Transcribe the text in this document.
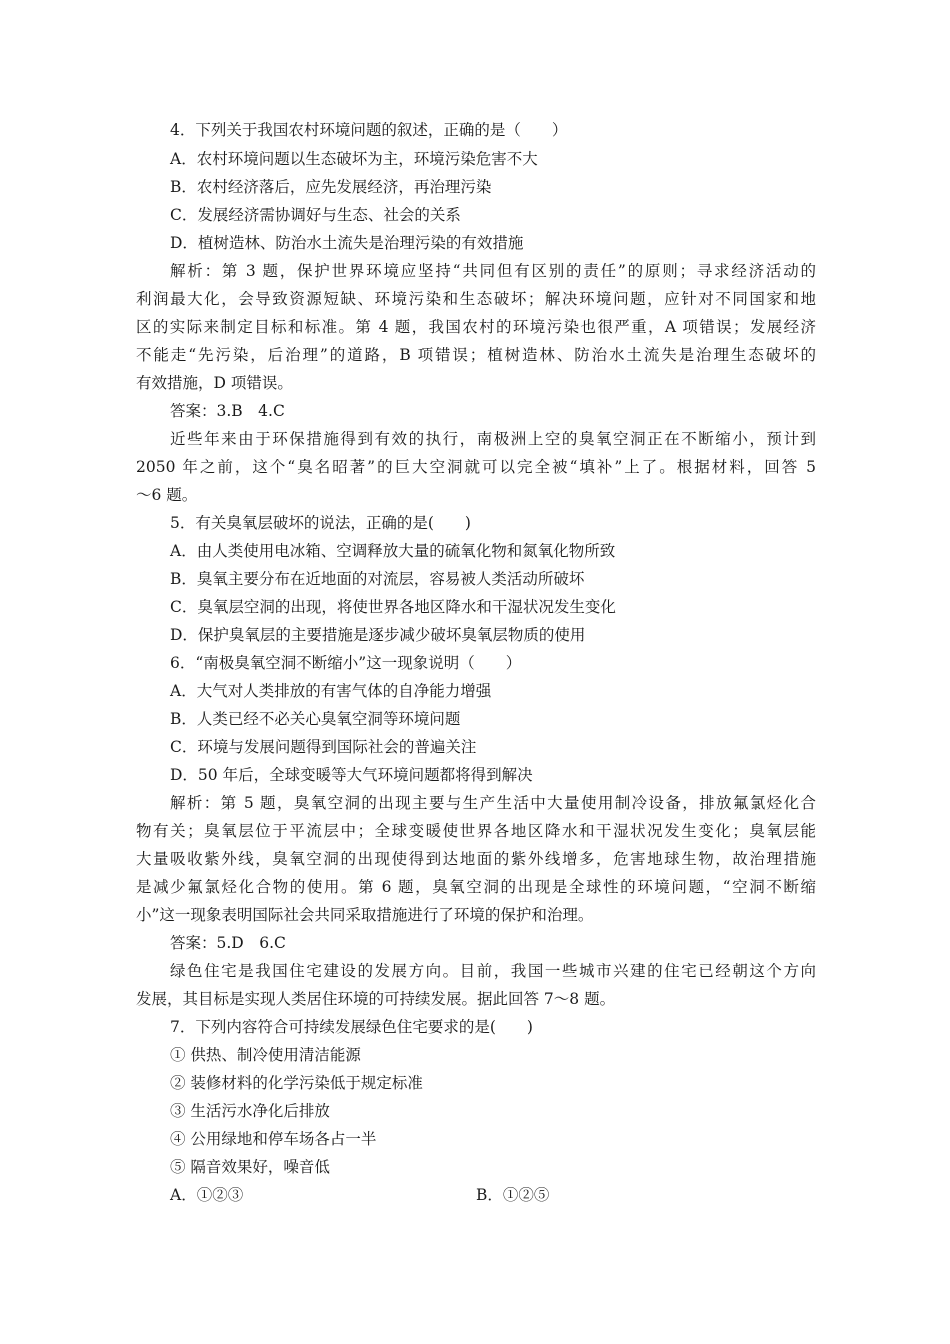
4．下列关于我国农村环境问题的叙述，正确的是（　　）
A．农村环境问题以生态破坏为主，环境污染危害不大
B．农村经济落后，应先发展经济，再治理污染
C．发展经济需协调好与生态、社会的关系
D．植树造林、防治水土流失是治理污染的有效措施
解析：第 3 题，保护世界环境应坚持“共同但有区别的责任”的原则；寻求经济活动的
利润最大化，会导致资源短缺、环境污染和生态破坏；解决环境问题，应针对不同国家和地
区的实际来制定目标和标准。第 4 题，我国农村的环境污染也很严重，A 项错误；发展经济
不能走“先污染，后治理”的道路，B 项错误；植树造林、防治水土流失是治理生态破坏的
有效措施，D 项错误。
答案：3.B　4.C
近些年来由于环保措施得到有效的执行，南极洲上空的臭氧空洞正在不断缩小，预计到
2050 年之前，这个“臭名昭著”的巨大空洞就可以完全被“填补”上了。根据材料，回答 5
～6 题。
5．有关臭氧层破坏的说法，正确的是(　　)
A．由人类使用电冰箱、空调释放大量的硫氧化物和氮氧化物所致
B．臭氧主要分布在近地面的对流层，容易被人类活动所破坏
C．臭氧层空洞的出现，将使世界各地区降水和干湿状况发生变化
D．保护臭氧层的主要措施是逐步减少破坏臭氧层物质的使用
6．“南极臭氧空洞不断缩小”这一现象说明（　　）
A．大气对人类排放的有害气体的自净能力增强
B．人类已经不必关心臭氧空洞等环境问题
C．环境与发展问题得到国际社会的普遍关注
D．50 年后，全球变暖等大气环境问题都将得到解决
解析：第 5 题，臭氧空洞的出现主要与生产生活中大量使用制冷设备，排放氟氯烃化合
物有关；臭氧层位于平流层中；全球变暖使世界各地区降水和干湿状况发生变化；臭氧层能
大量吸收紫外线，臭氧空洞的出现使得到达地面的紫外线增多，危害地球生物，故治理措施
是减少氟氯烃化合物的使用。第 6 题，臭氧空洞的出现是全球性的环境问题，“空洞不断缩
小”这一现象表明国际社会共同采取措施进行了环境的保护和治理。
答案：5.D　6.C
绿色住宅是我国住宅建设的发展方向。目前，我国一些城市兴建的住宅已经朝这个方向
发展，其目标是实现人类居住环境的可持续发展。据此回答 7～8 题。
7．下列内容符合可持续发展绿色住宅要求的是(　　)
① 供热、制冷使用清洁能源
② 装修材料的化学污染低于规定标准
③ 生活污水净化后排放
④ 公用绿地和停车场各占一半
⑤ 隔音效果好，噪音低
A．①②③	B．①②⑤
